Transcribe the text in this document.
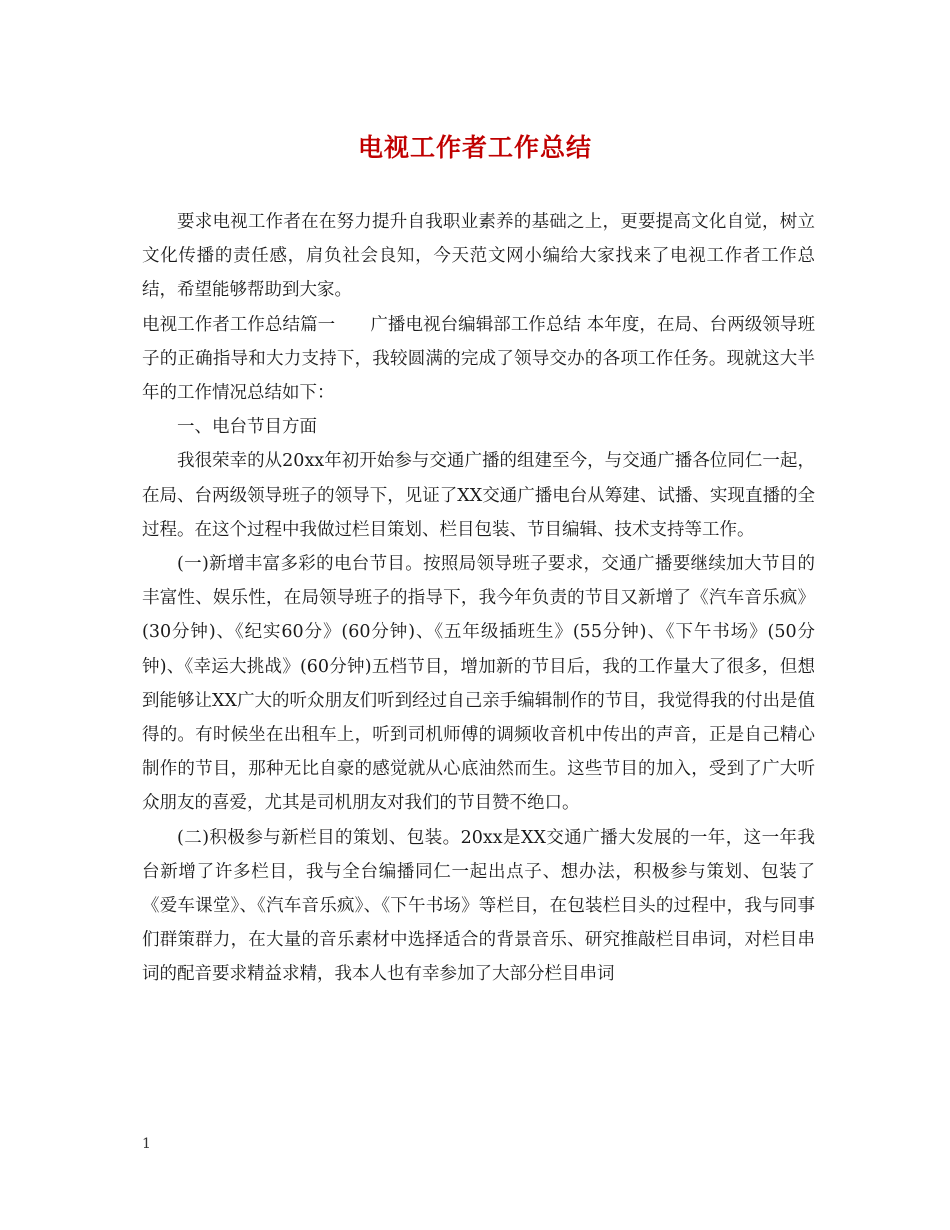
电视工作者工作总结

要求电视工作者在在努力提升自我职业素养的基础之上，更要提高文化自觉，树立文化传播的责任感，肩负社会良知，今天范文网小编给大家找来了电视工作者工作总结，希望能够帮助到大家。

电视工作者工作总结篇一　　广播电视台编辑部工作总结 本年度，在局、台两级领导班子的正确指导和大力支持下，我较圆满的完成了领导交办的各项工作任务。现就这大半年的工作情况总结如下：

一、电台节目方面

我很荣幸的从20xx年初开始参与交通广播的组建至今，与交通广播各位同仁一起，在局、台两级领导班子的领导下，见证了XX交通广播电台从筹建、试播、实现直播的全过程。在这个过程中我做过栏目策划、栏目包装、节目编辑、技术支持等工作。

(一)新增丰富多彩的电台节目。按照局领导班子要求，交通广播要继续加大节目的丰富性、娱乐性，在局领导班子的指导下，我今年负责的节目又新增了《汽车音乐疯》(30分钟)、《纪实60分》(60分钟)、《五年级插班生》(55分钟)、《下午书场》(50分钟)、《幸运大挑战》(60分钟)五档节目，增加新的节目后，我的工作量大了很多，但想到能够让XX广大的听众朋友们听到经过自己亲手编辑制作的节目，我觉得我的付出是值得的。有时候坐在出租车上，听到司机师傅的调频收音机中传出的声音，正是自己精心制作的节目，那种无比自豪的感觉就从心底油然而生。这些节目的加入，受到了广大听众朋友的喜爱，尤其是司机朋友对我们的节目赞不绝口。

(二)积极参与新栏目的策划、包装。20xx是XX交通广播大发展的一年，这一年我台新增了许多栏目，我与全台编播同仁一起出点子、想办法，积极参与策划、包装了《爱车课堂》、《汽车音乐疯》、《下午书场》等栏目，在包装栏目头的过程中，我与同事们群策群力，在大量的音乐素材中选择适合的背景音乐、研究推敲栏目串词，对栏目串词的配音要求精益求精，我本人也有幸参加了大部分栏目串词

1
